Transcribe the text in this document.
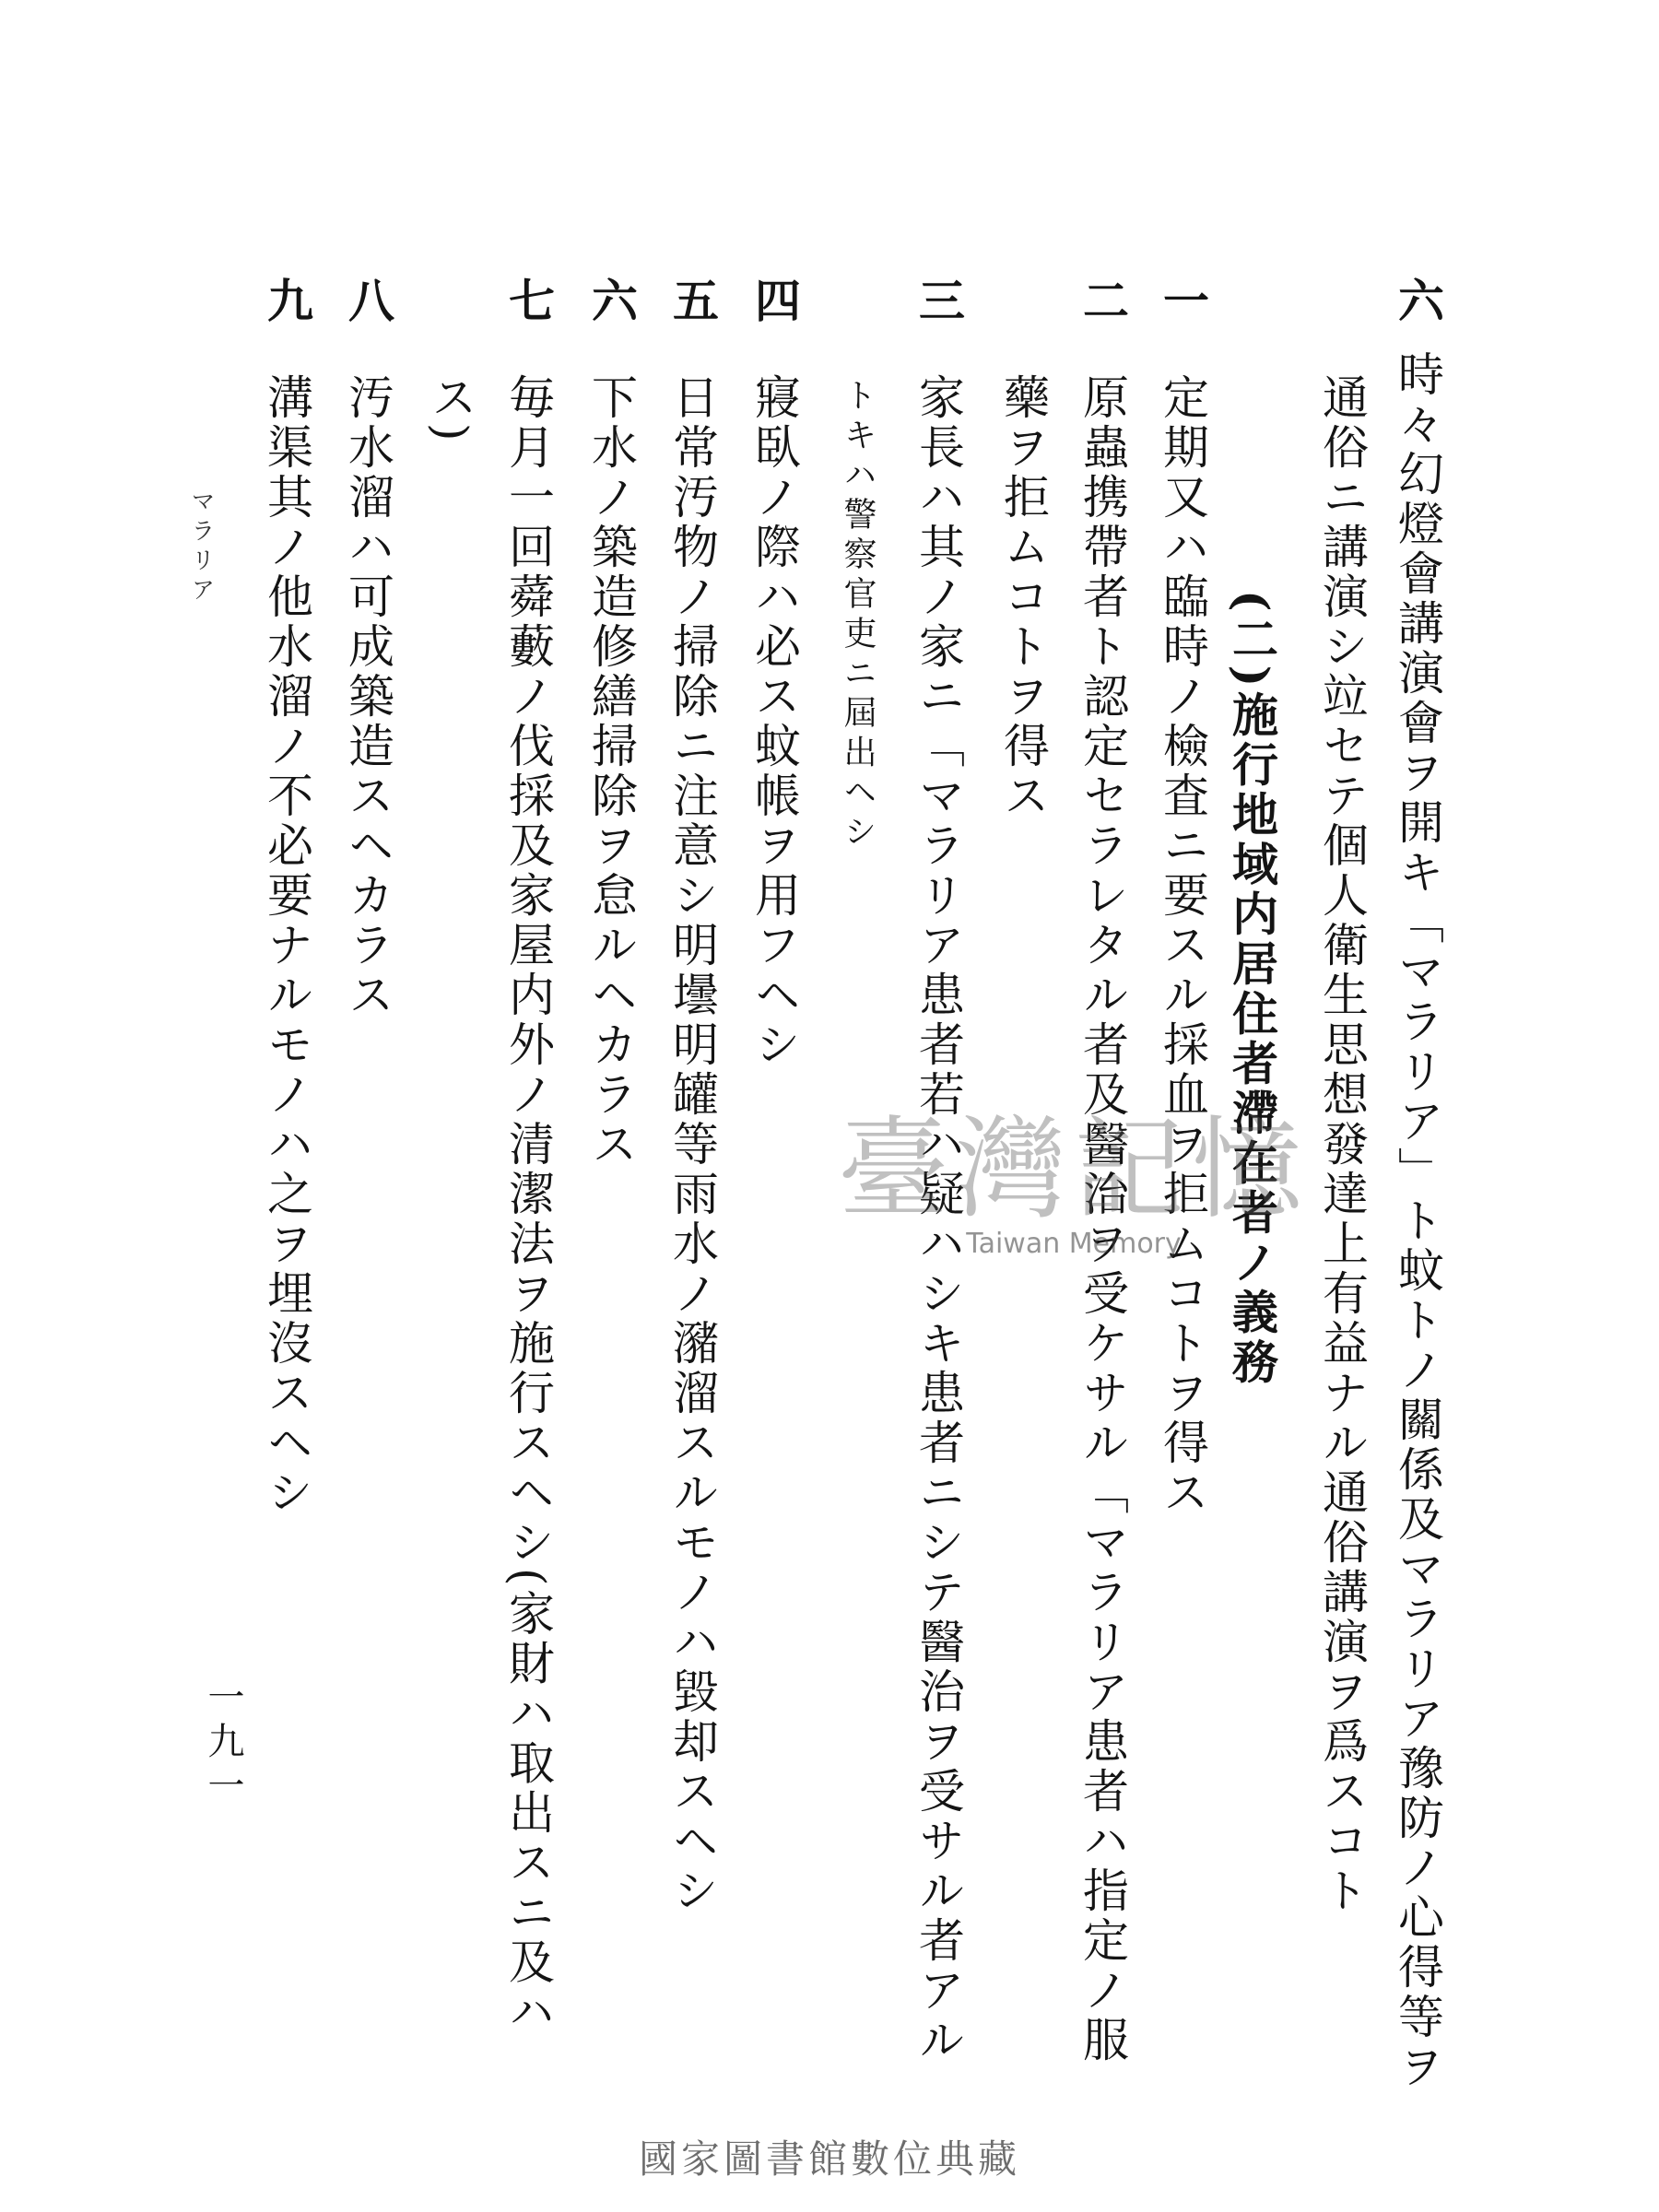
六
時々幻燈會講演會ヲ開キ「マラリア」ト蚊トノ關係及マラリア豫防ノ心得等ヲ
通俗ニ講演シ竝セテ個人衛生思想發達上有益ナル通俗講演ヲ爲スコト
(二)施行地域内居住者滯在者ノ義務
一
定期又ハ臨時ノ檢査ニ要スル採血ヲ拒ムコトヲ得ス
二
原蟲携帶者ト認定セラレタル者及醫治ヲ受ケサル「マラリア患者ハ指定ノ服
藥ヲ拒ムコトヲ得ス
三
家長ハ其ノ家ニ「マラリア患者若ハ疑ハシキ患者ニシテ醫治ヲ受サル者アル
トキハ警察官吏ニ屆出ヘシ
四
寢臥ノ際ハ必ス蚊帳ヲ用フヘシ
五
日常汚物ノ掃除ニ注意シ明壜明罐等雨水ノ瀦溜スルモノハ毀却スヘシ
六
下水ノ築造修繕掃除ヲ怠ルヘカラス
七
毎月一回蕣藪ノ伐採及家屋内外ノ清潔法ヲ施行スヘシ(家財ハ取出スニ及ハ
ス)
八
汚水溜ハ可成築造スヘカラス
九
溝渠其ノ他水溜ノ不必要ナルモノハ之ヲ埋沒スヘシ
マラリア
一九一
臺灣記憶
Taiwan Memory
國家圖書館數位典藏
